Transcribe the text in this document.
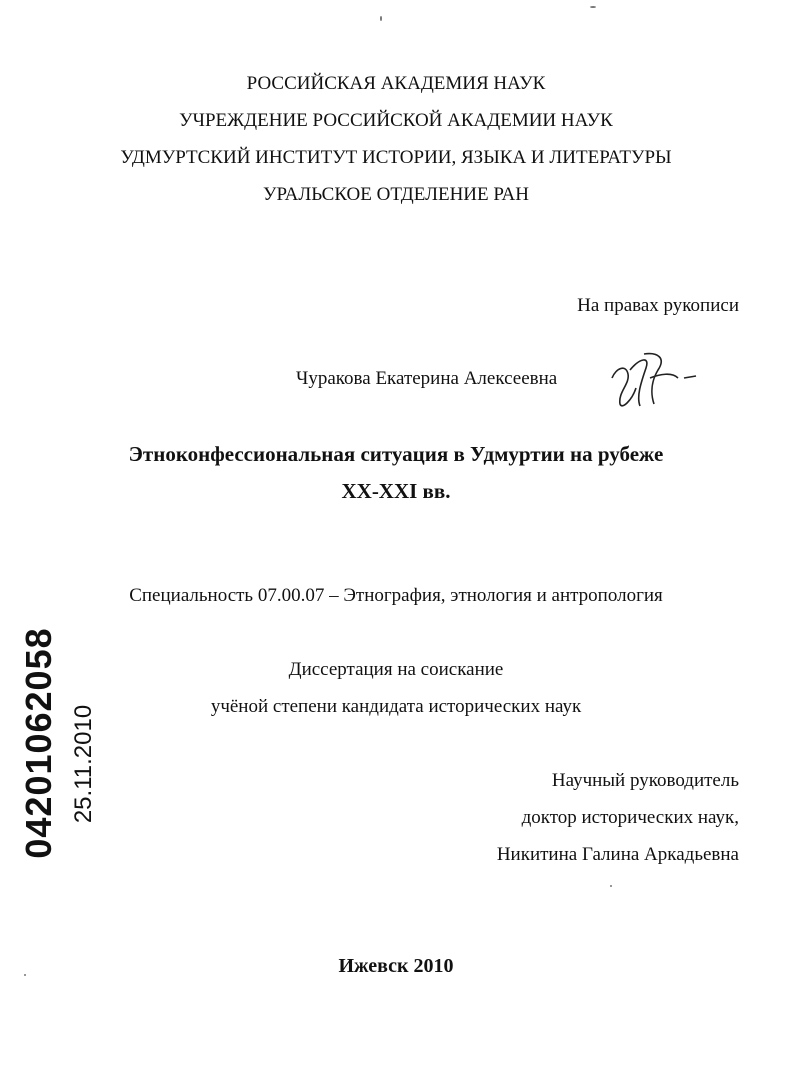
РОССИЙСКАЯ АКАДЕМИЯ НАУК
УЧРЕЖДЕНИЕ РОССИЙСКОЙ АКАДЕМИИ НАУК
УДМУРТСКИЙ ИНСТИТУТ ИСТОРИИ, ЯЗЫКА И ЛИТЕРАТУРЫ
УРАЛЬСКОЕ ОТДЕЛЕНИЕ РАН
На правах рукописи
Чуракова Екатерина Алексеевна
Этноконфессиональная ситуация в Удмуртии на рубеже
XX-XXI вв.
Специальность 07.00.07 – Этнография, этнология и антропология
Диссертация на соискание
учёной степени кандидата исторических наук
Научный руководитель
доктор исторических наук,
Никитина Галина Аркадьевна
Ижевск 2010
04201062058 25.11.2010
